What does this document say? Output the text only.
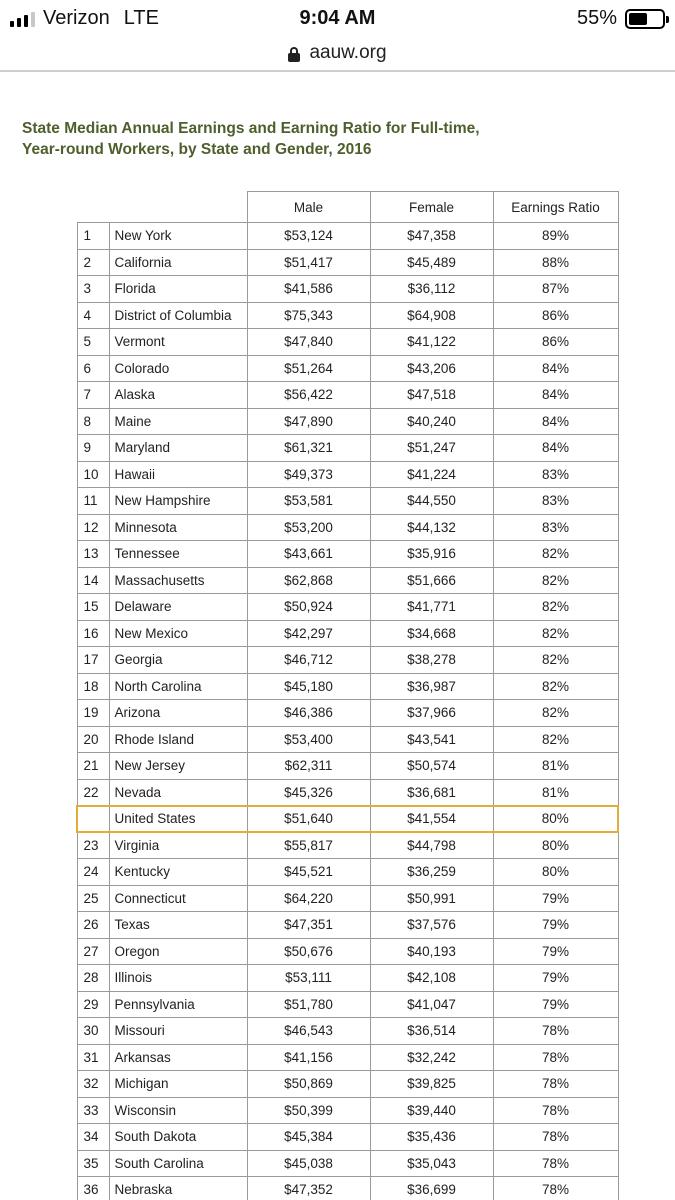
Verizon LTE	9:04 AM	55%
aauw.org
State Median Annual Earnings and Earning Ratio for Full-time,
Year-round Workers, by State and Gender, 2016
		Male	Female	Earnings Ratio
1	New York	$53,124	$47,358	89%
2	California	$51,417	$45,489	88%
3	Florida	$41,586	$36,112	87%
4	District of Columbia	$75,343	$64,908	86%
5	Vermont	$47,840	$41,122	86%
6	Colorado	$51,264	$43,206	84%
7	Alaska	$56,422	$47,518	84%
8	Maine	$47,890	$40,240	84%
9	Maryland	$61,321	$51,247	84%
10	Hawaii	$49,373	$41,224	83%
11	New Hampshire	$53,581	$44,550	83%
12	Minnesota	$53,200	$44,132	83%
13	Tennessee	$43,661	$35,916	82%
14	Massachusetts	$62,868	$51,666	82%
15	Delaware	$50,924	$41,771	82%
16	New Mexico	$42,297	$34,668	82%
17	Georgia	$46,712	$38,278	82%
18	North Carolina	$45,180	$36,987	82%
19	Arizona	$46,386	$37,966	82%
20	Rhode Island	$53,400	$43,541	82%
21	New Jersey	$62,311	$50,574	81%
22	Nevada	$45,326	$36,681	81%
	United States	$51,640	$41,554	80%
23	Virginia	$55,817	$44,798	80%
24	Kentucky	$45,521	$36,259	80%
25	Connecticut	$64,220	$50,991	79%
26	Texas	$47,351	$37,576	79%
27	Oregon	$50,676	$40,193	79%
28	Illinois	$53,111	$42,108	79%
29	Pennsylvania	$51,780	$41,047	79%
30	Missouri	$46,543	$36,514	78%
31	Arkansas	$41,156	$32,242	78%
32	Michigan	$50,869	$39,825	78%
33	Wisconsin	$50,399	$39,440	78%
34	South Dakota	$45,384	$35,436	78%
35	South Carolina	$45,038	$35,043	78%
36	Nebraska	$47,352	$36,699	78%
